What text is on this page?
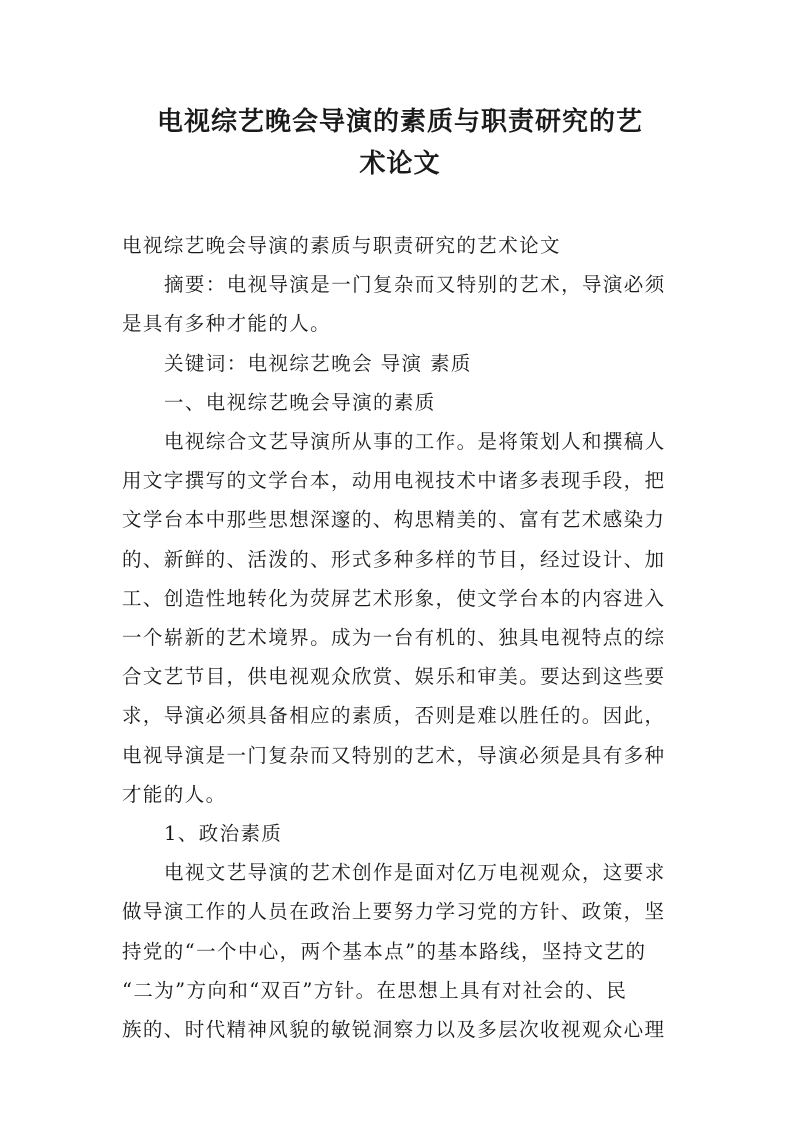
电视综艺晚会导演的素质与职责研究的艺
术论文
电视综艺晚会导演的素质与职责研究的艺术论文
摘要：电视导演是一门复杂而又特别的艺术，导演必须
是具有多种才能的人。
关键词：电视综艺晚会 导演 素质
一、电视综艺晚会导演的素质
电视综合文艺导演所从事的工作。是将策划人和撰稿人
用文字撰写的文学台本，动用电视技术中诸多表现手段，把
文学台本中那些思想深邃的、构思精美的、富有艺术感染力
的、新鲜的、活泼的、形式多种多样的节目，经过设计、加
工、创造性地转化为荧屏艺术形象，使文学台本的内容进入
一个崭新的艺术境界。成为一台有机的、独具电视特点的综
合文艺节目，供电视观众欣赏、娱乐和审美。要达到这些要
求，导演必须具备相应的素质，否则是难以胜任的。因此，
电视导演是一门复杂而又特别的艺术，导演必须是具有多种
才能的人。
1、政治素质
电视文艺导演的艺术创作是面对亿万电视观众，这要求
做导演工作的人员在政治上要努力学习党的方针、政策，坚
持党的“一个中心，两个基本点”的基本路线，坚持文艺的
“二为”方向和“双百”方针。在思想上具有对社会的、民
族的、时代精神风貌的敏锐洞察力以及多层次收视观众心理
